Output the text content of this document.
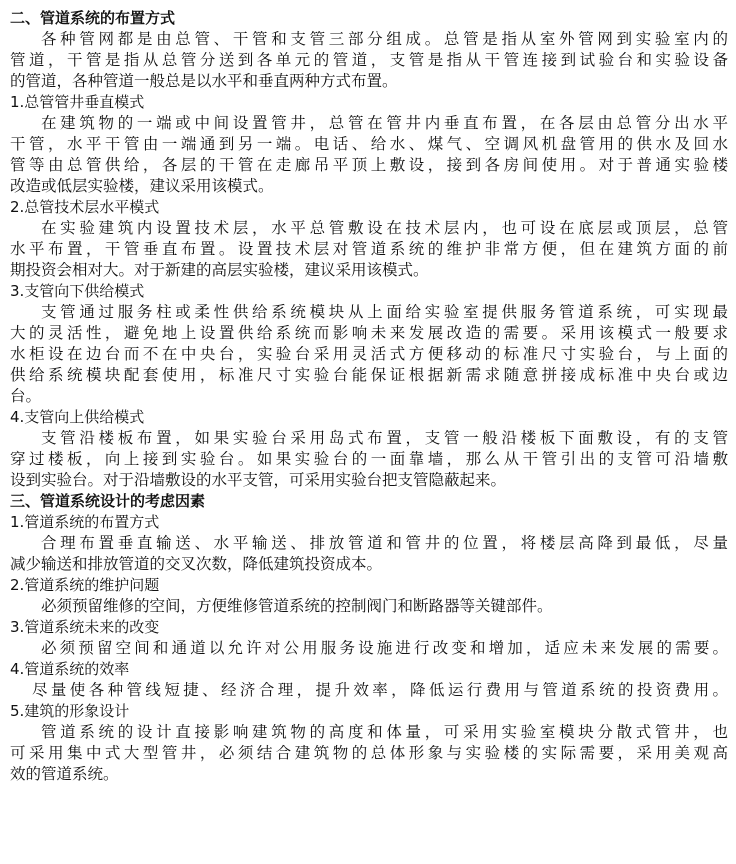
二、管道系统的布置方式
各种管网都是由总管、干管和支管三部分组成。总管是指从室外管网到实验室内的
管道，干管是指从总管分送到各单元的管道，支管是指从干管连接到试验台和实验设备
的管道，各种管道一般总是以水平和垂直两种方式布置。
1.总管管井垂直模式
在建筑物的一端或中间设置管井，总管在管井内垂直布置，在各层由总管分出水平
干管，水平干管由一端通到另一端。电话、给水、煤气、空调风机盘管用的供水及回水
管等由总管供给，各层的干管在走廊吊平顶上敷设，接到各房间使用。对于普通实验楼
改造或低层实验楼，建议采用该模式。
2.总管技术层水平模式
在实验建筑内设置技术层，水平总管敷设在技术层内，也可设在底层或顶层，总管
水平布置，干管垂直布置。设置技术层对管道系统的维护非常方便，但在建筑方面的前
期投资会相对大。对于新建的高层实验楼，建议采用该模式。
3.支管向下供给模式
支管通过服务柱或柔性供给系统模块从上面给实验室提供服务管道系统，可实现最
大的灵活性，避免地上设置供给系统而影响未来发展改造的需要。采用该模式一般要求
水柜设在边台而不在中央台，实验台采用灵活式方便移动的标准尺寸实验台，与上面的
供给系统模块配套使用，标准尺寸实验台能保证根据新需求随意拼接成标准中央台或边
台。
4.支管向上供给模式
支管沿楼板布置，如果实验台采用岛式布置，支管一般沿楼板下面敷设，有的支管
穿过楼板，向上接到实验台。如果实验台的一面靠墙，那么从干管引出的支管可沿墙敷
设到实验台。对于沿墙敷设的水平支管，可采用实验台把支管隐蔽起来。
三、管道系统设计的考虑因素
1.管道系统的布置方式
合理布置垂直输送、水平输送、排放管道和管井的位置，将楼层高降到最低，尽量
减少输送和排放管道的交叉次数，降低建筑投资成本。
2.管道系统的维护问题
必须预留维修的空间，方便维修管道系统的控制阀门和断路器等关键部件。
3.管道系统未来的改变
必须预留空间和通道以允许对公用服务设施进行改变和增加，适应未来发展的需要。
4.管道系统的效率
尽量使各种管线短捷、经济合理，提升效率，降低运行费用与管道系统的投资费用。
5.建筑的形象设计
管道系统的设计直接影响建筑物的高度和体量，可采用实验室模块分散式管井，也
可采用集中式大型管井，必须结合建筑物的总体形象与实验楼的实际需要，采用美观高
效的管道系统。
